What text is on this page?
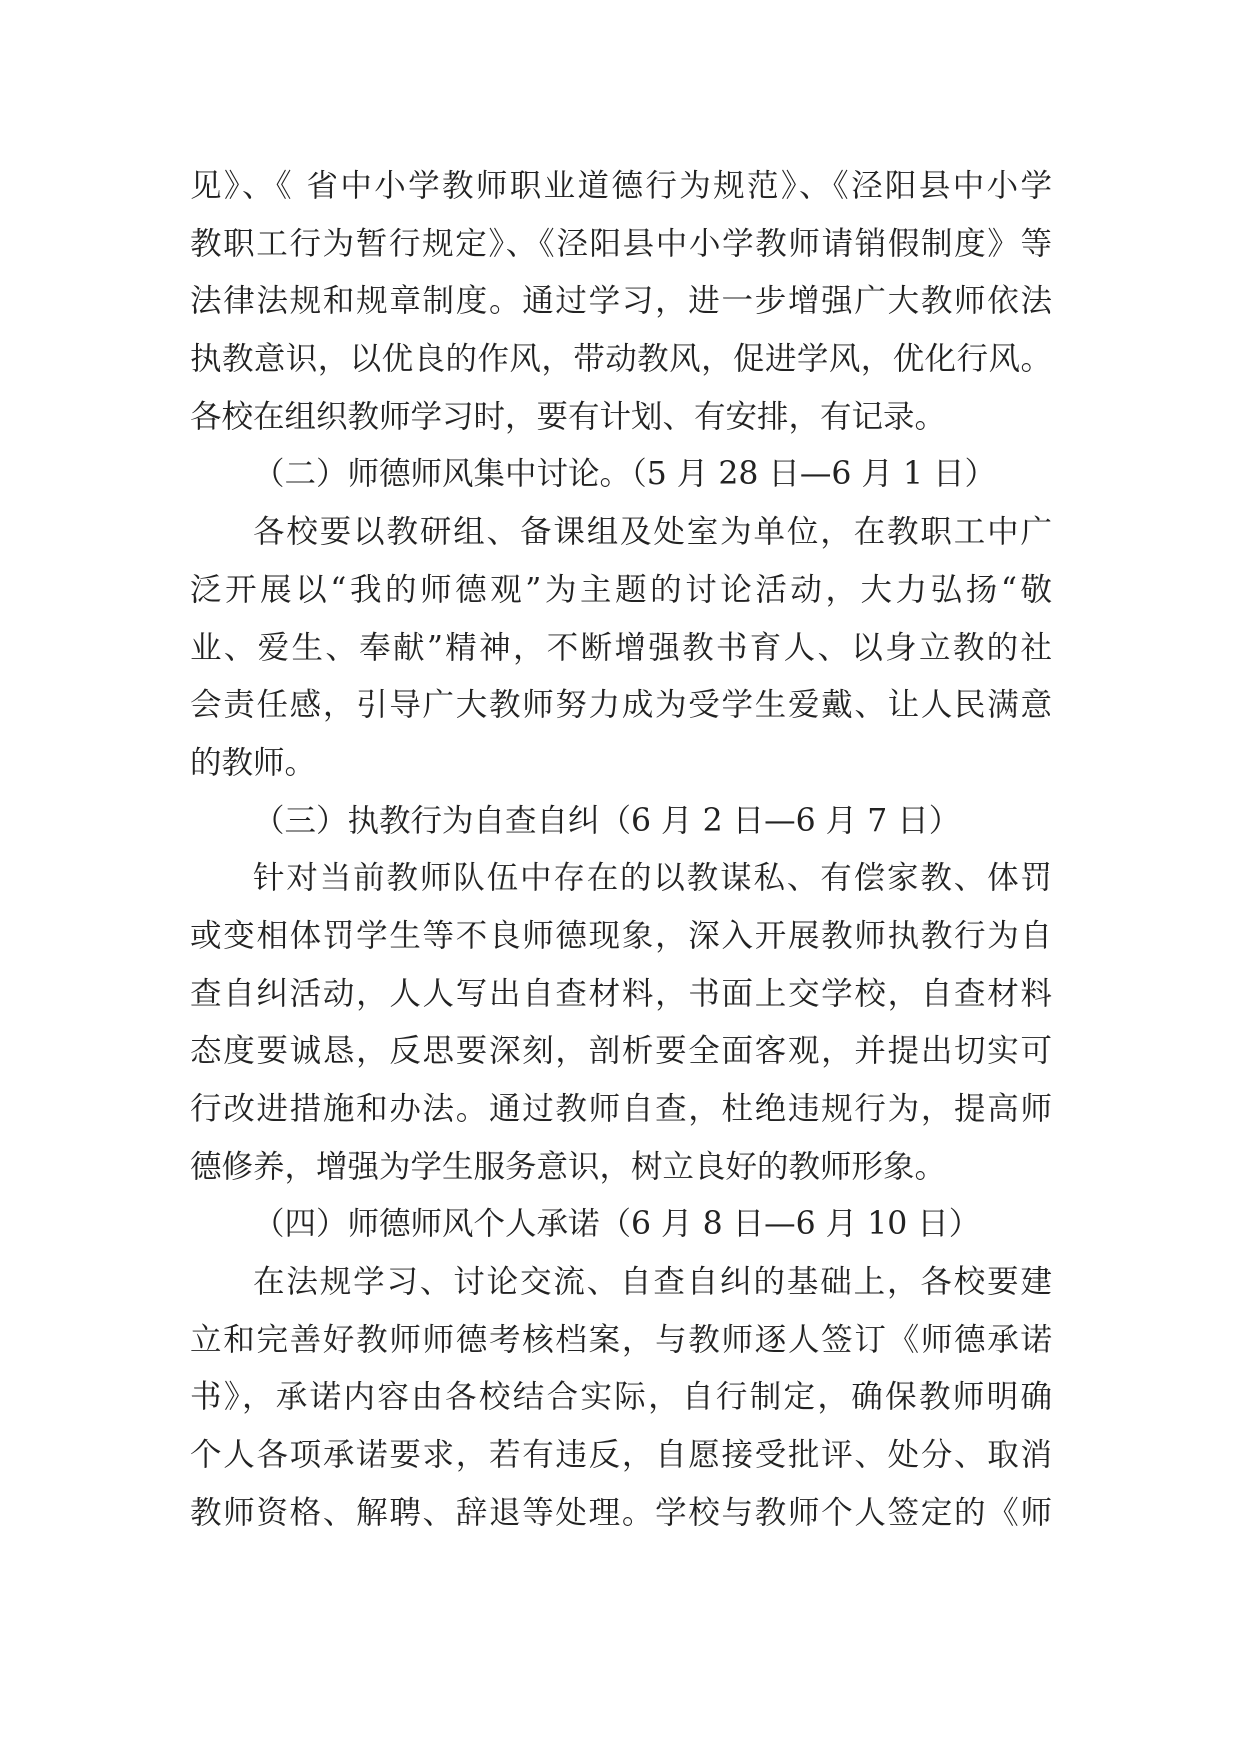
见》、《 省中小学教师职业道德行为规范》、《泾阳县中小学
教职工行为暂行规定》、《泾阳县中小学教师请销假制度》等
法律法规和规章制度。通过学习，进一步增强广大教师依法
执教意识，以优良的作风，带动教风，促进学风，优化行风。
各校在组织教师学习时，要有计划、有安排，有记录。
（二）师德师风集中讨论。（5 月 28 日—6 月 1 日）
各校要以教研组、备课组及处室为单位，在教职工中广
泛开展以“我的师德观”为主题的讨论活动，大力弘扬“敬
业、爱生、奉献”精神，不断增强教书育人、以身立教的社
会责任感，引导广大教师努力成为受学生爱戴、让人民满意
的教师。
（三）执教行为自查自纠（6 月 2 日—6 月 7 日）
针对当前教师队伍中存在的以教谋私、有偿家教、体罚
或变相体罚学生等不良师德现象，深入开展教师执教行为自
查自纠活动，人人写出自查材料，书面上交学校，自查材料
态度要诚恳，反思要深刻，剖析要全面客观，并提出切实可
行改进措施和办法。通过教师自查，杜绝违规行为，提高师
德修养，增强为学生服务意识，树立良好的教师形象。
（四）师德师风个人承诺（6 月 8 日—6 月 10 日）
在法规学习、讨论交流、自查自纠的基础上，各校要建
立和完善好教师师德考核档案，与教师逐人签订《师德承诺
书》，承诺内容由各校结合实际，自行制定，确保教师明确
个人各项承诺要求，若有违反，自愿接受批评、处分、取消
教师资格、解聘、辞退等处理。学校与教师个人签定的《师
